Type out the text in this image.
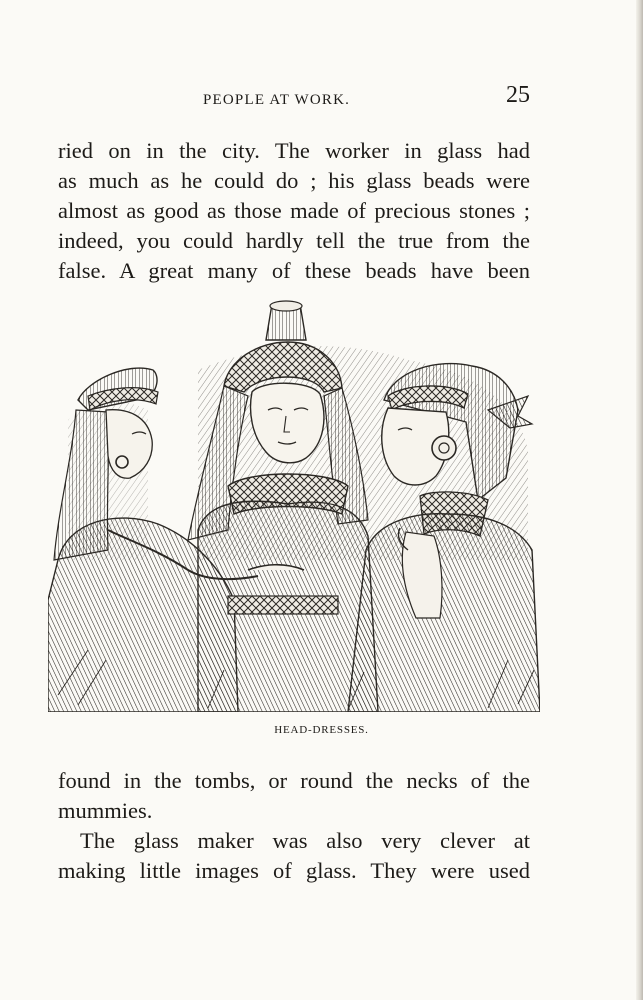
PEOPLE AT WORK.	25
ried on in the city. The worker in glass had
as much as he could do ; his glass beads were
almost as good as those made of precious stones ;
indeed, you could hardly tell the true from the
false. A great many of these beads have been
HEAD-DRESSES.
found in the tombs, or round the necks of the
mummies.
The glass maker was also very clever at
making little images of glass. They were used
